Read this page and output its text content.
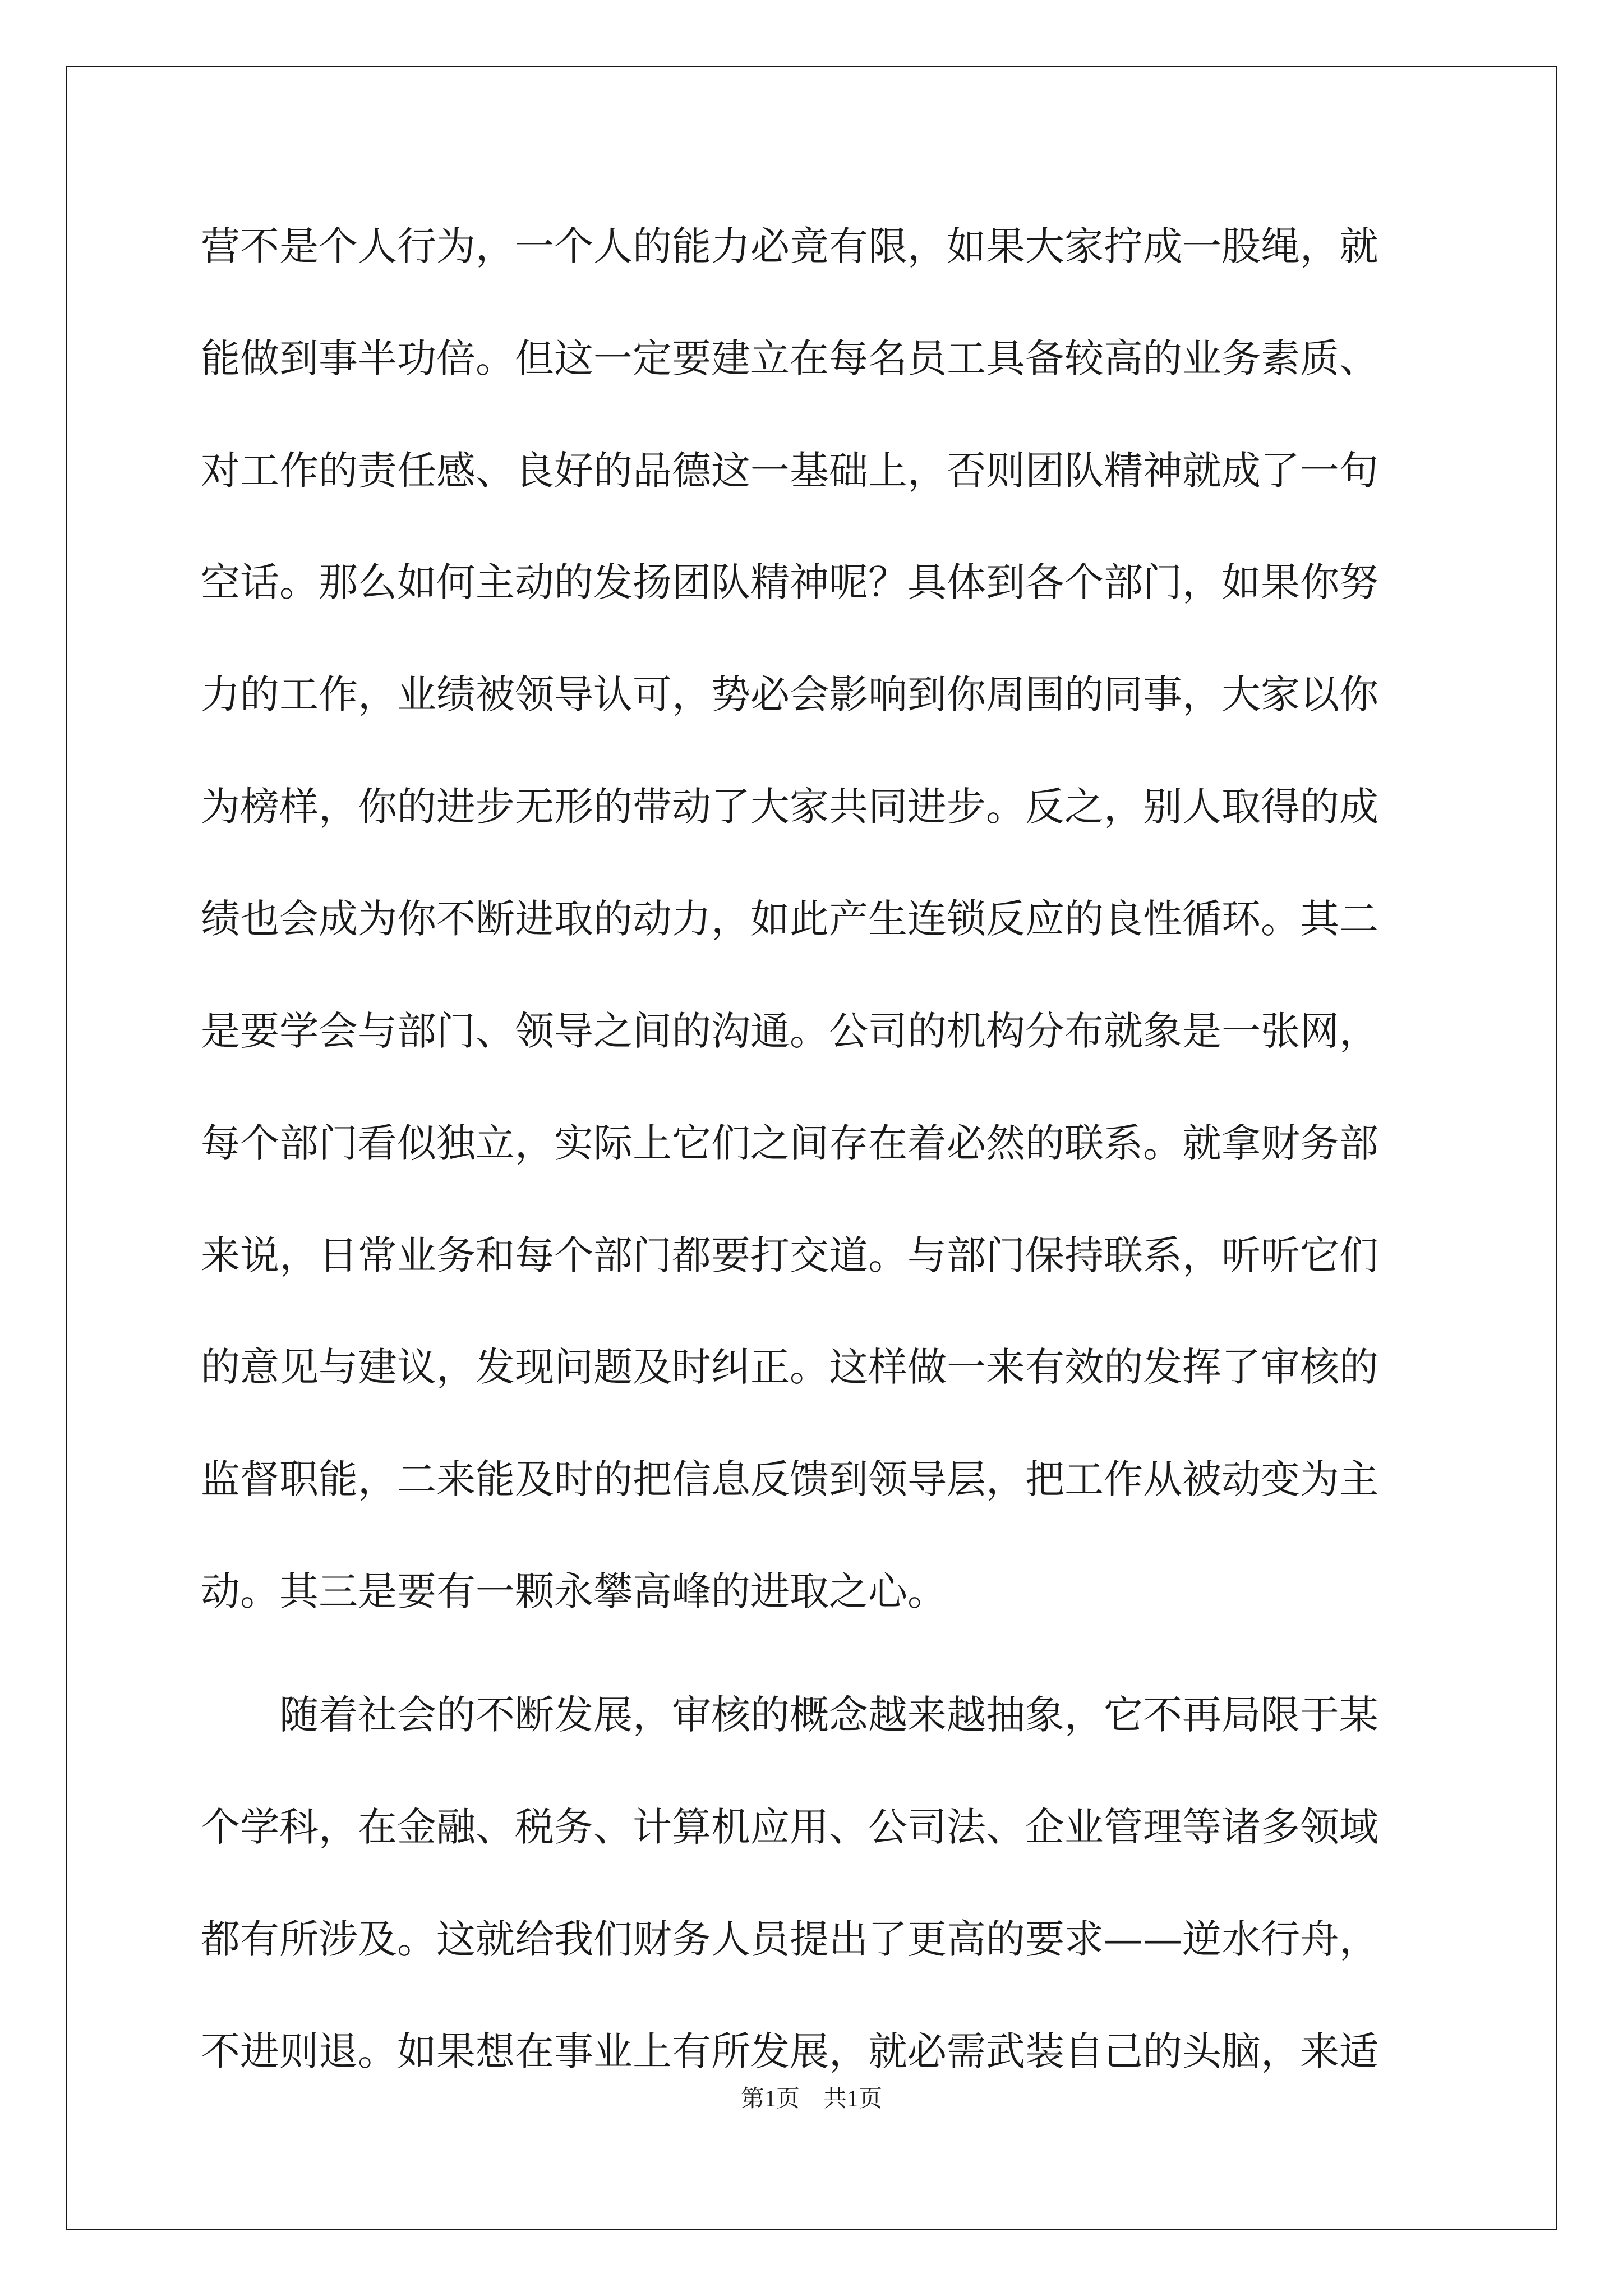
营不是个人行为，一个人的能力必竟有限，如果大家拧成一股绳，就
能做到事半功倍。但这一定要建立在每名员工具备较高的业务素质、
对工作的责任感、良好的品德这一基础上，否则团队精神就成了一句
空话。那么如何主动的发扬团队精神呢？具体到各个部门，如果你努
力的工作，业绩被领导认可，势必会影响到你周围的同事，大家以你
为榜样，你的进步无形的带动了大家共同进步。反之，别人取得的成
绩也会成为你不断进取的动力，如此产生连锁反应的良性循环。其二
是要学会与部门、领导之间的沟通。公司的机构分布就象是一张网，
每个部门看似独立，实际上它们之间存在着必然的联系。就拿财务部
来说，日常业务和每个部门都要打交道。与部门保持联系，听听它们
的意见与建议，发现问题及时纠正。这样做一来有效的发挥了审核的
监督职能，二来能及时的把信息反馈到领导层，把工作从被动变为主
动。其三是要有一颗永攀高峰的进取之心。
随着社会的不断发展，审核的概念越来越抽象，它不再局限于某
个学科，在金融、税务、计算机应用、公司法、企业管理等诸多领域
都有所涉及。这就给我们财务人员提出了更高的要求——逆水行舟，
不进则退。如果想在事业上有所发展，就必需武装自己的头脑，来适
第1页 共1页
